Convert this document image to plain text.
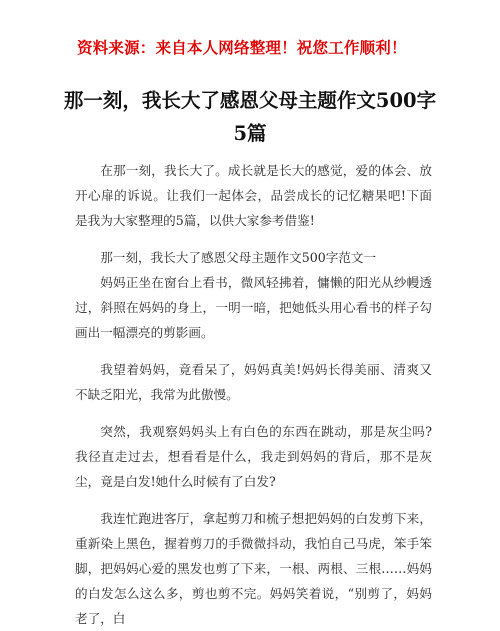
资料来源：来自本人网络整理！祝您工作顺利！
那一刻，我长大了感恩父母主题作文500字5篇

在那一刻，我长大了。成长就是长大的感觉，爱的体会、放开心扉的诉说。让我们一起体会，品尝成长的记忆糖果吧!下面是我为大家整理的5篇，以供大家参考借鉴!

那一刻，我长大了感恩父母主题作文500字范文一

妈妈正坐在窗台上看书，微风轻拂着，慵懒的阳光从纱幔透过，斜照在妈妈的身上，一明一暗，把她低头用心看书的样子勾画出一幅漂亮的剪影画。

我望着妈妈，竟看呆了，妈妈真美!妈妈长得美丽、清爽又不缺乏阳光，我常为此傲慢。

突然，我观察妈妈头上有白色的东西在跳动，那是灰尘吗?我径直走过去，想看看是什么，我走到妈妈的背后，那不是灰尘，竟是白发!她什么时候有了白发?

我连忙跑进客厅，拿起剪刀和梳子想把妈妈的白发剪下来，重新染上黑色，握着剪刀的手微微抖动，我怕自己马虎，笨手笨脚，把妈妈心爱的黑发也剪了下来，一根、两根、三根……妈妈的白发怎么这么多，剪也剪不完。妈妈笑着说，“别剪了，妈妈老了，白
